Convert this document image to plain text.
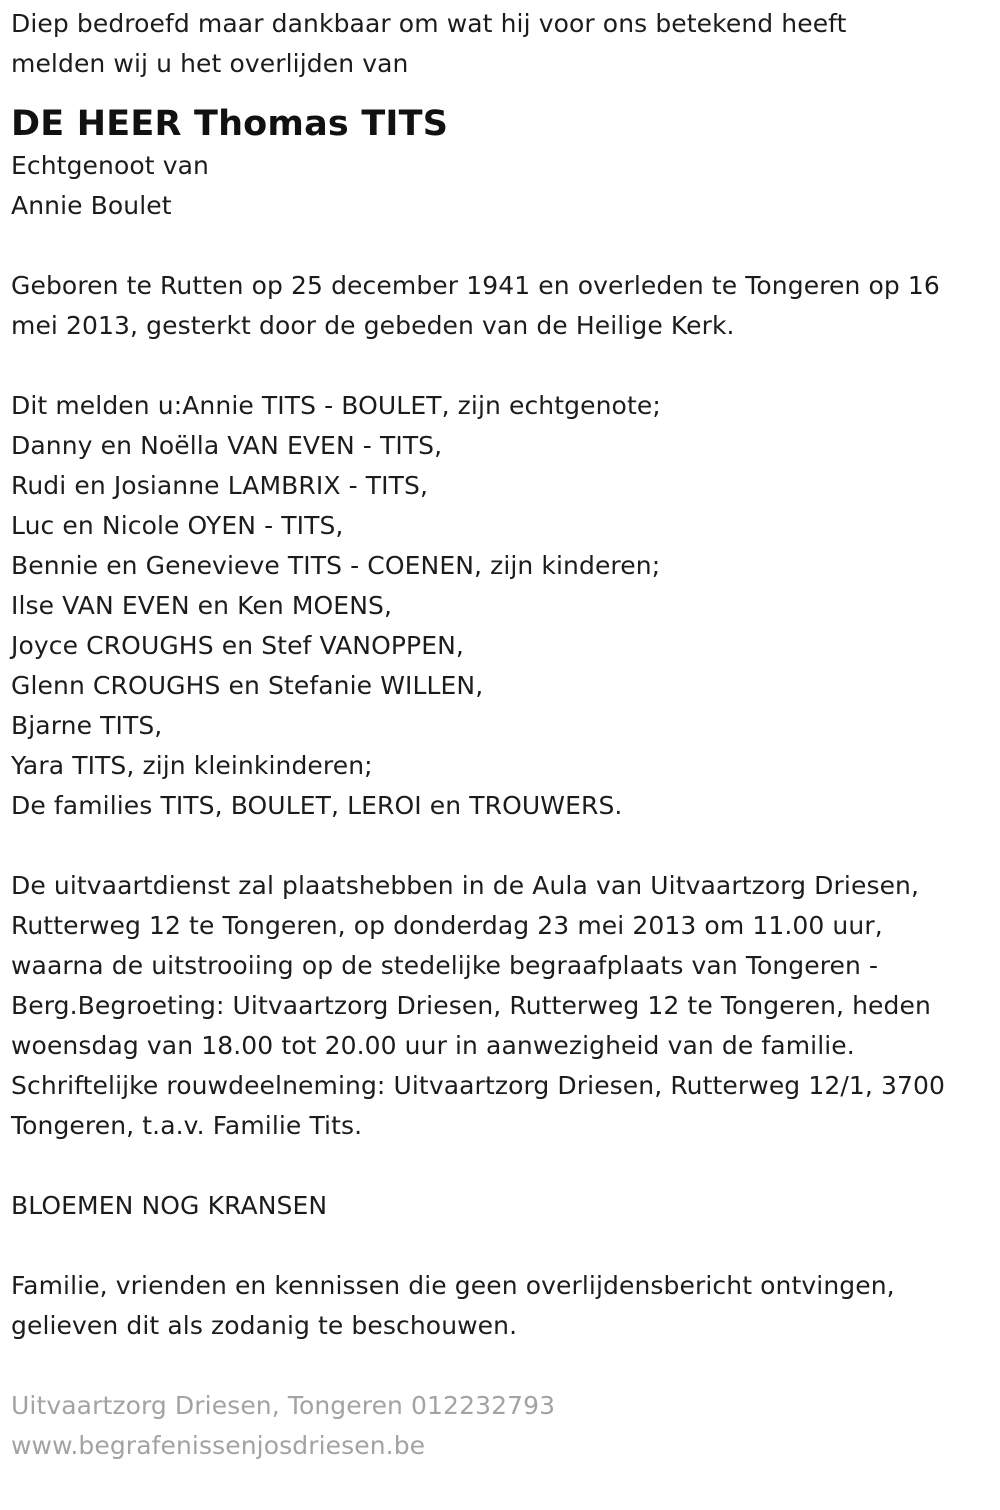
Diep bedroefd maar dankbaar om wat hij voor ons betekend heeft
melden wij u het overlijden van
DE HEER Thomas TITS
Echtgenoot van
Annie Boulet
Geboren te Rutten op 25 december 1941 en overleden te Tongeren op 16
mei 2013, gesterkt door de gebeden van de Heilige Kerk.
Dit melden u:Annie TITS - BOULET, zijn echtgenote;
Danny en Noëlla VAN EVEN - TITS,
Rudi en Josianne LAMBRIX - TITS,
Luc en Nicole OYEN - TITS,
Bennie en Genevieve TITS - COENEN, zijn kinderen;
Ilse VAN EVEN en Ken MOENS,
Joyce CROUGHS en Stef VANOPPEN,
Glenn CROUGHS en Stefanie WILLEN,
Bjarne TITS,
Yara TITS, zijn kleinkinderen;
De families TITS, BOULET, LEROI en TROUWERS.
De uitvaartdienst zal plaatshebben in de Aula van Uitvaartzorg Driesen,
Rutterweg 12 te Tongeren, op donderdag 23 mei 2013 om 11.00 uur,
waarna de uitstrooiing op de stedelijke begraafplaats van Tongeren -
Berg.Begroeting: Uitvaartzorg Driesen, Rutterweg 12 te Tongeren, heden
woensdag van 18.00 tot 20.00 uur in aanwezigheid van de familie.
Schriftelijke rouwdeelneming: Uitvaartzorg Driesen, Rutterweg 12/1, 3700
Tongeren, t.a.v. Familie Tits.
BLOEMEN NOG KRANSEN
Familie, vrienden en kennissen die geen overlijdensbericht ontvingen,
gelieven dit als zodanig te beschouwen.
Uitvaartzorg Driesen, Tongeren 012232793
www.begrafenissenjosdriesen.be
